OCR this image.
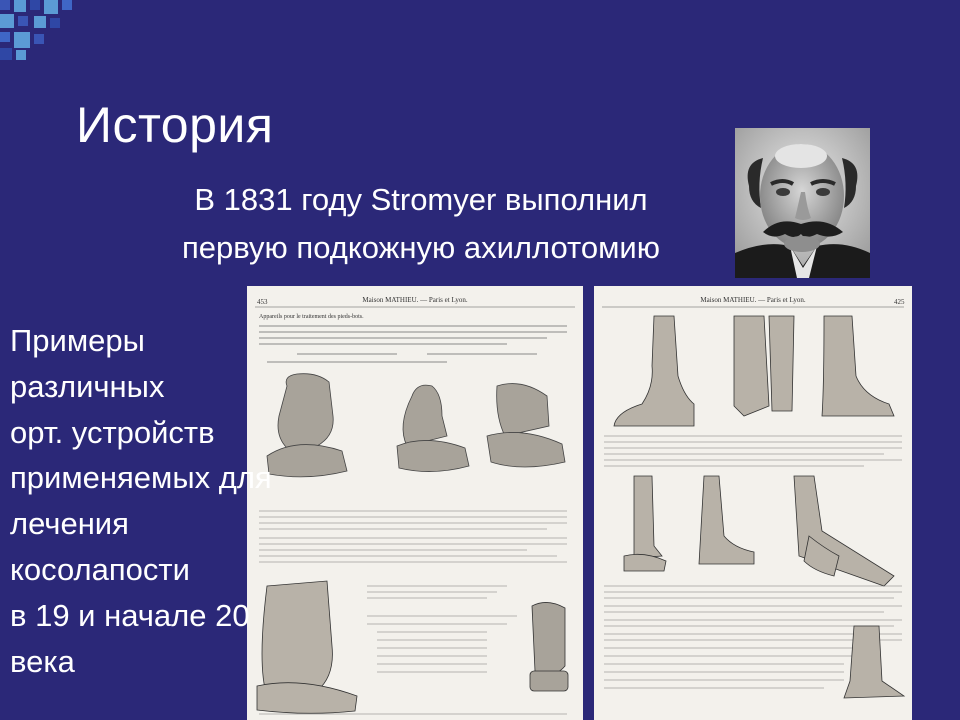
История
В 1831 году Stromyer выполнил
первую подкожную ахиллотомию
453	Maison MATHIEU. — Paris et Lyon.
Appareils pour le traitement des pieds-bots.
Maison MATHIEU. — Paris et Lyon.	425
Примеры
различных
орт. устройств
применяемых для
лечения
косолапости
в 19 и начале 20
века
